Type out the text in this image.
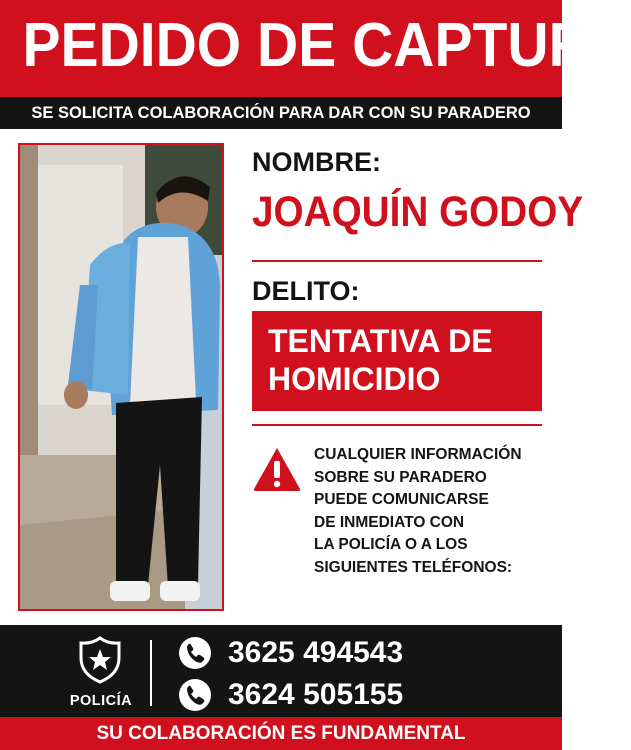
PEDIDO DE CAPTURA
SE SOLICITA COLABORACIÓN PARA DAR CON SU PARADERO
NOMBRE:
JOAQUÍN GODOY
DELITO:
TENTATIVA DE
HOMICIDIO
CUALQUIER INFORMACIÓN
SOBRE SU PARADERO
PUEDE COMUNICARSE
DE INMEDIATO CON
LA POLICÍA O A LOS
SIGUIENTES TELÉFONOS:
POLICÍA
3625 494543
3624 505155
SU COLABORACIÓN ES FUNDAMENTAL
